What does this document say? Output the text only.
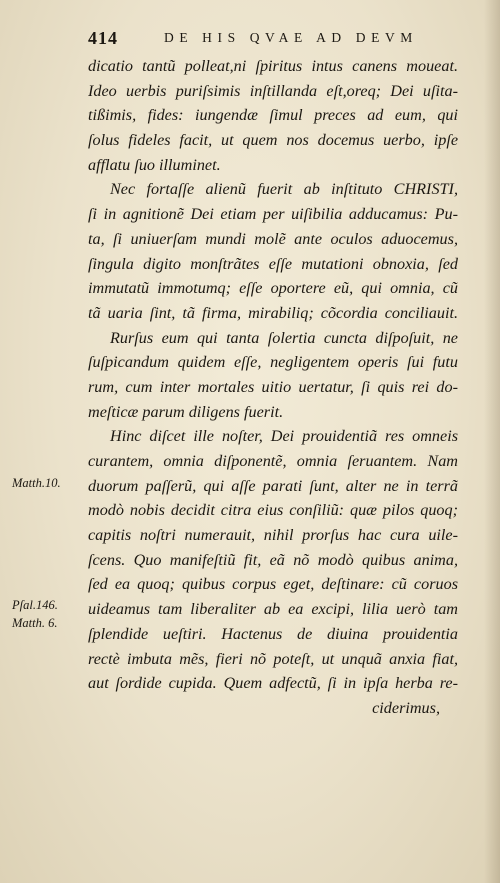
414	DE HIS QVAE AD DEVM
Matth.10.
Pſal.146.
Matth. 6.
dicatio tantũ polleat,ni ſpiritus intus canens moueat.
Ideo uerbis puriſsimis inſtillanda eſt,oreq; Dei uſita-
tißimis, fides: iungendæ ſimul preces ad eum, qui
ſolus fideles facit, ut quem nos docemus uerbo, ipſe
afflatu ſuo illuminet.
Nec fortaſſe alienũ fuerit ab inſtituto CHRISTI,
ſi in agnitionẽ Dei etiam per uiſibilia adducamus: Pu-
ta, ſi uniuerſam mundi molẽ ante oculos aduocemus,
ſingula digito monſtrãtes eſſe mutationi obnoxia, ſed
immutatũ immotumq; eſſe oportere eũ, qui omnia, cũ
tã uaria ſint, tã firma, mirabiliq; cõcordia conciliauit.
Rurſus eum qui tanta ſolertia cuncta diſpoſuit, ne
ſuſpicandum quidem eſſe, negligentem operis ſui futu
rum, cum inter mortales uitio uertatur, ſi quis rei do-
meſticæ parum diligens fuerit.
Hinc diſcet ille noſter, Dei prouidentiã res omneis
curantem, omnia diſponentẽ, omnia ſeruantem. Nam
duorum paſſerũ, qui aſſe parati ſunt, alter ne in terrã
modò nobis decidit citra eius conſiliũ: quæ pilos quoq;
capitis noſtri numerauit, nihil prorſus hac cura uile-
ſcens. Quo manifeſtiũ fit, eã nõ modò quibus anima,
ſed ea quoq; quibus corpus eget, deſtinare: cũ coruos
uideamus tam liberaliter ab ea excipi, lilia uerò tam
ſplendide ueſtiri. Hactenus de diuina prouidentia
rectè imbuta mẽs, fieri nõ poteſt, ut unquã anxia fiat,
aut ſordide cupida. Quem adfectũ, ſi in ipſa herba re-
ciderimus,
